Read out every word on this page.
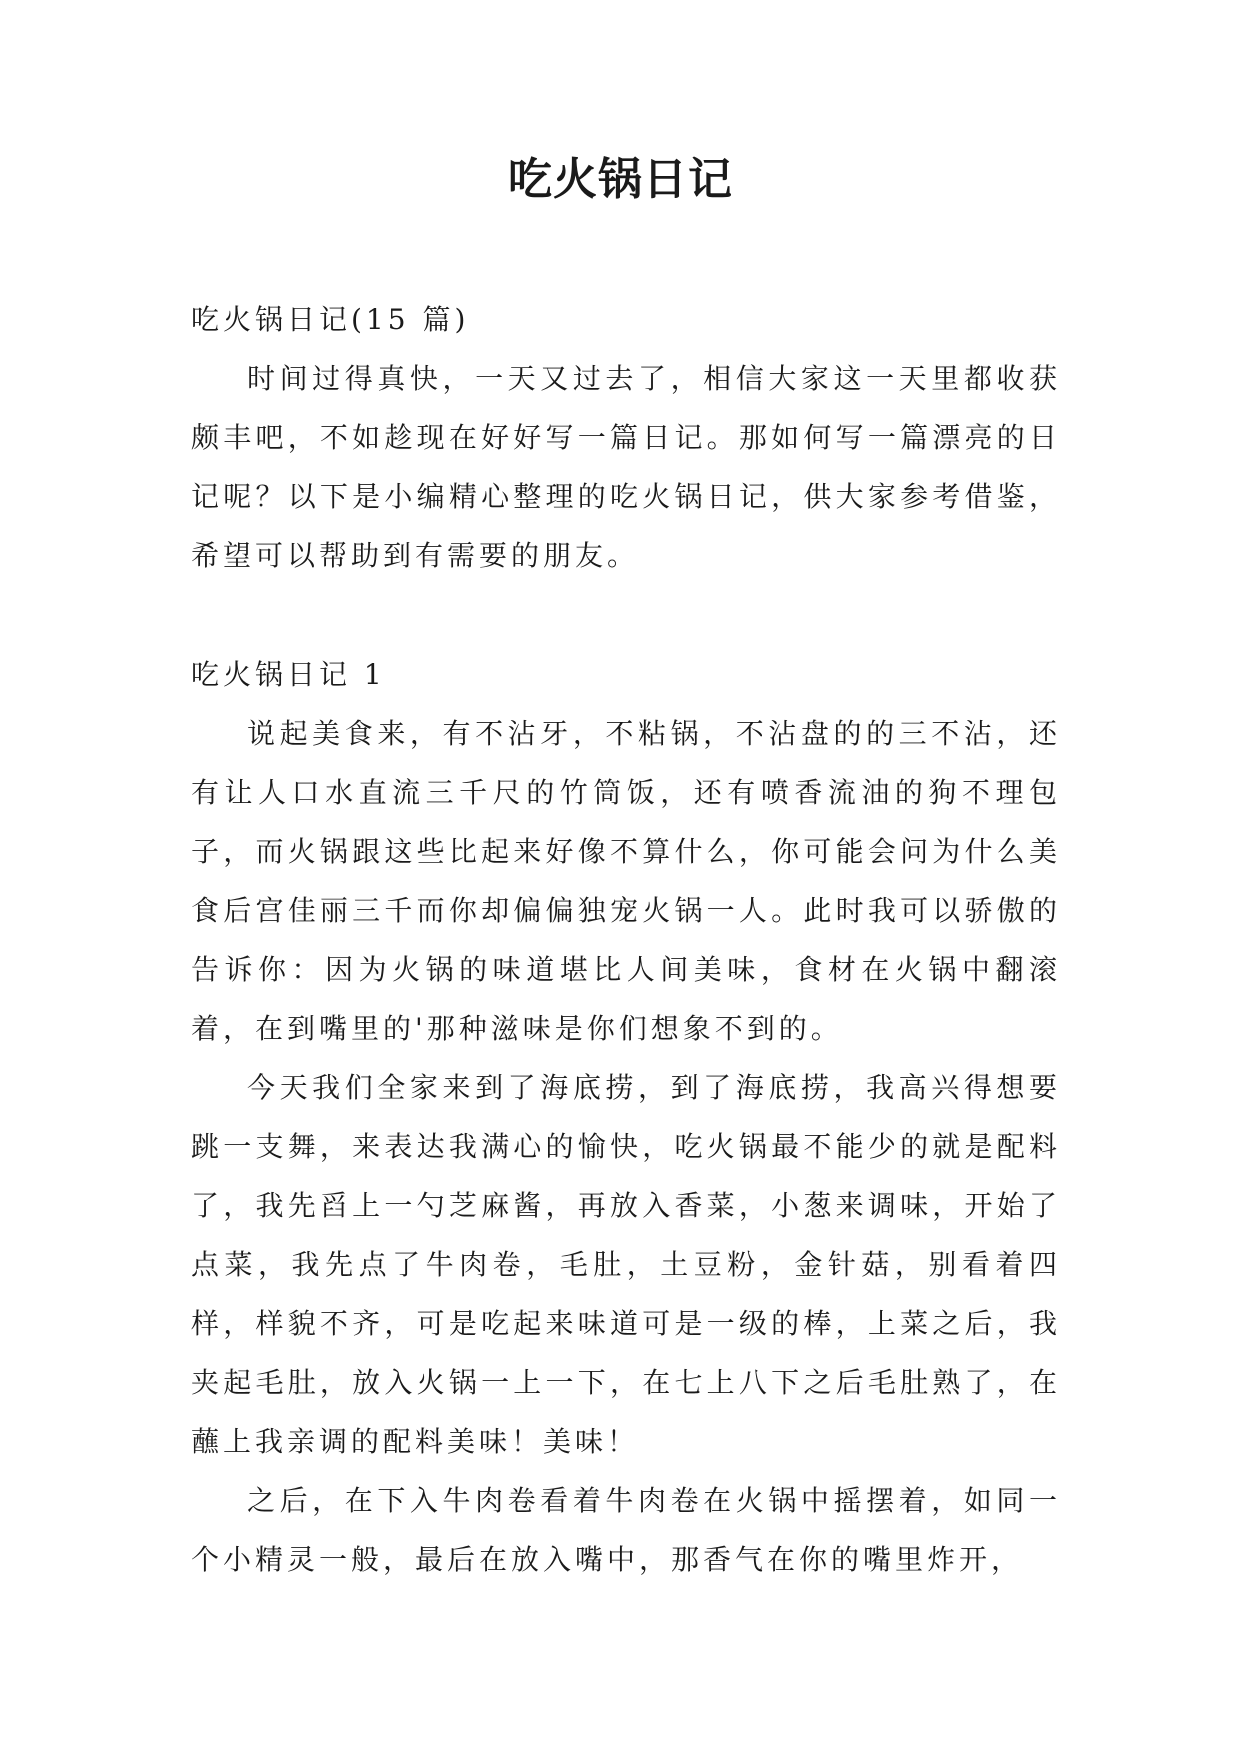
吃火锅日记

吃火锅日记(15 篇)

时间过得真快，一天又过去了，相信大家这一天里都收获颇丰吧，不如趁现在好好写一篇日记。那如何写一篇漂亮的日记呢？以下是小编精心整理的吃火锅日记，供大家参考借鉴，希望可以帮助到有需要的朋友。

吃火锅日记 1

说起美食来，有不沾牙，不粘锅，不沾盘的的三不沾，还有让人口水直流三千尺的竹筒饭，还有喷香流油的狗不理包子，而火锅跟这些比起来好像不算什么，你可能会问为什么美食后宫佳丽三千而你却偏偏独宠火锅一人。此时我可以骄傲的告诉你：因为火锅的味道堪比人间美味，食材在火锅中翻滚着，在到嘴里的'那种滋味是你们想象不到的。

今天我们全家来到了海底捞，到了海底捞，我高兴得想要跳一支舞，来表达我满心的愉快，吃火锅最不能少的就是配料了，我先舀上一勺芝麻酱，再放入香菜，小葱来调味，开始了点菜，我先点了牛肉卷，毛肚，土豆粉，金针菇，别看着四样，样貌不齐，可是吃起来味道可是一级的棒，上菜之后，我夹起毛肚，放入火锅一上一下，在七上八下之后毛肚熟了，在蘸上我亲调的配料美味！美味！

之后，在下入牛肉卷看着牛肉卷在火锅中摇摆着，如同一个小精灵一般，最后在放入嘴中，那香气在你的嘴里炸开，
